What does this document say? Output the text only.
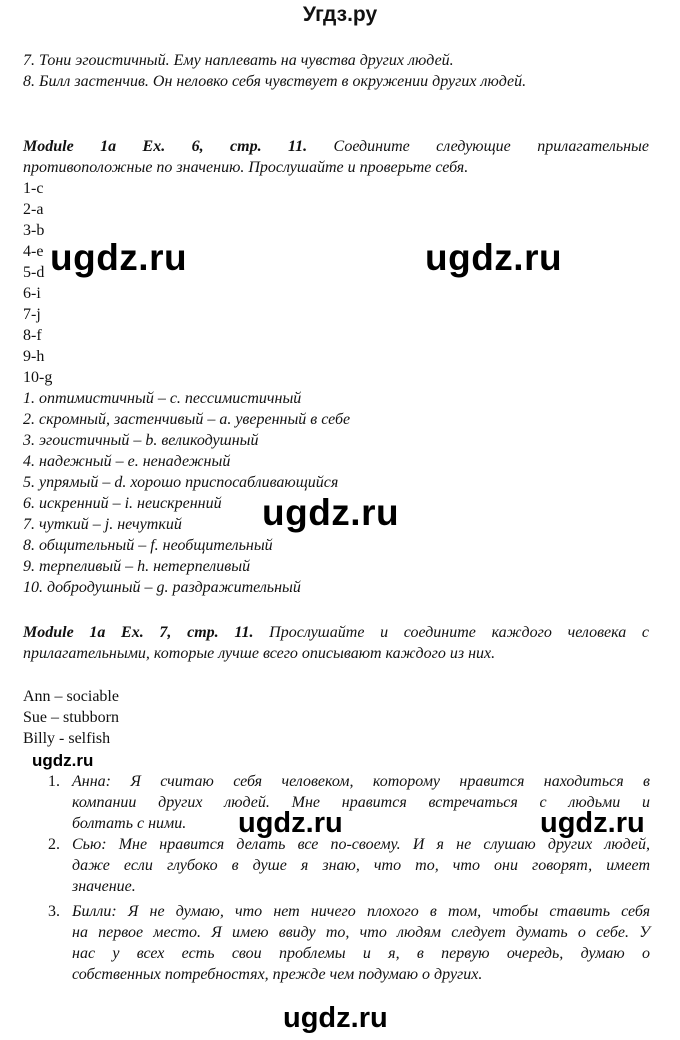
Угдз.ру
7. Тони эгоистичный. Ему наплевать на чувства других людей.
8. Билл застенчив. Он неловко себя чувствует в окружении других людей.
Module 1a Ex. 6, стр. 11. Соедините следующие прилагательные
противоположные по значению. Прослушайте и проверьте себя.
1-c
2-a
3-b
4-e
5-d
6-i
7-j
8-f
9-h
10-g
1. оптимистичный – c. пессимистичный
2. скромный, застенчивый – a. уверенный в себе
3. эгоистичный – b. великодушный
4. надежный – e. ненадежный
5. упрямый – d. хорошо приспосабливающийся
6. искренний – i. неискренний
7. чуткий – j. нечуткий
8. общительный – f. необщительный
9. терпеливый – h. нетерпеливый
10. добродушный – g. раздражительный
Module 1a Ex. 7, стр. 11. Прослушайте и соедините каждого человека с
прилагательными, которые лучше всего описывают каждого из них.
Ann – sociable
Sue – stubborn
Billy - selfish
1. Анна: Я считаю себя человеком, которому нравится находиться в
компании других людей. Мне нравится встречаться с людьми и
болтать с ними.
2. Сью: Мне нравится делать все по-своему. И я не слушаю других людей,
даже если глубоко в душе я знаю, что то, что они говорят, имеет
значение.
3. Билли: Я не думаю, что нет ничего плохого в том, чтобы ставить себя
на первое место. Я имею ввиду то, что людям следует думать о себе. У
нас у всех есть свои проблемы и я, в первую очередь, думаю о
собственных потребностях, прежде чем подумаю о других.
ugdz.ru	ugdz.ru
ugdz.ru
ugdz.ru
ugdz.ru	ugdz.ru
ugdz.ru
